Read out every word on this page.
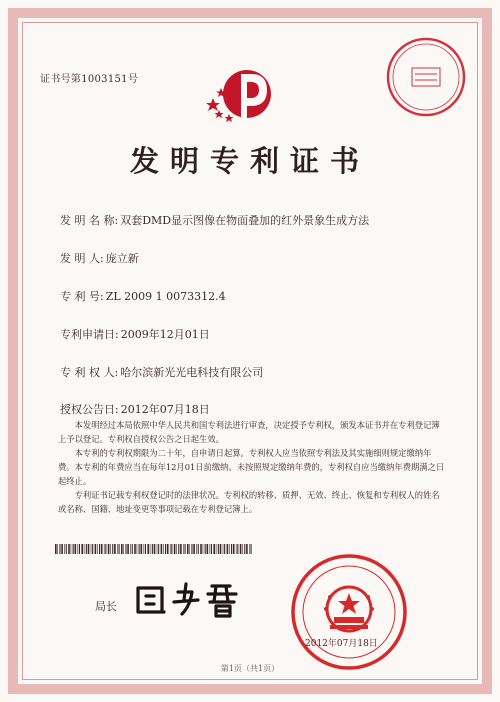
证书号第1003151号
发明专利证书
发 明 名 称: 双套DMD显示图像在物面叠加的红外景象生成方法
发 明 人: 庞立新
专 利 号: ZL 2009 1 0073312.4
专利申请日: 2009年12月01日
专 利 权 人: 哈尔滨新光光电科技有限公司
授权公告日: 2012年07月18日

本发明经过本局依照中华人民共和国专利法进行审查，决定授予专利权，颁发本证书并在专利登记簿上予以登记。专利权自授权公告之日起生效。

本专利的专利权期限为二十年，自申请日起算。专利权人应当依照专利法及其实施细则规定缴纳年费。本专利的年费应当在每年12月01日前缴纳。未按照规定缴纳年费的，专利权自应当缴纳年费期满之日起终止。

专利证书记载专利权登记时的法律状况。专利权的转移、质押、无效、终止、恢复和专利权人的姓名或名称、国籍、地址变更等事项记载在专利登记簿上。

局长
2012年07月18日
第1页（共1页）
